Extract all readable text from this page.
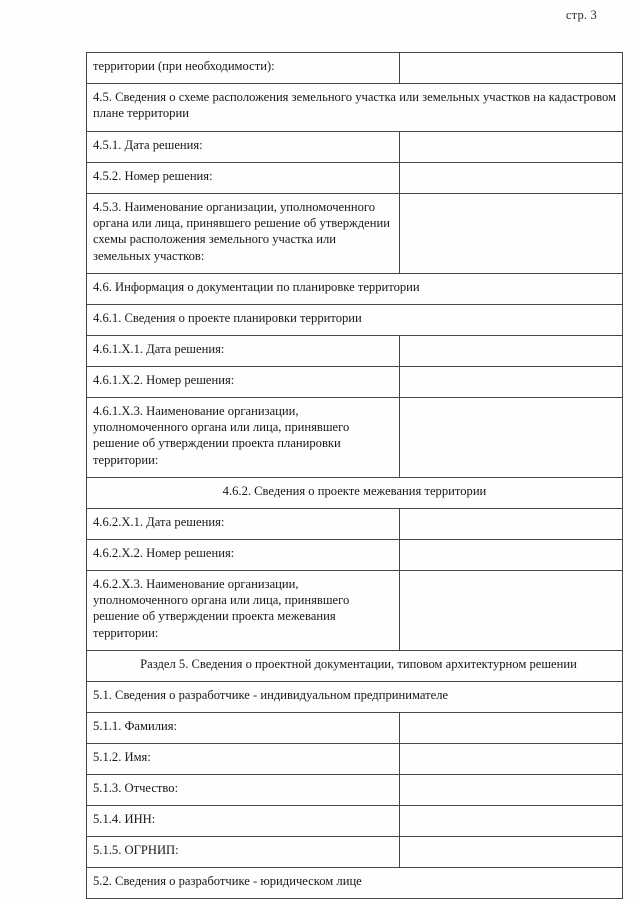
стр. 3
территории (при необходимости):	
4.5. Сведения о схеме расположения земельного участка или земельных участков на кадастровом плане территории	
4.5.1. Дата решения:	
4.5.2. Номер решения:	
4.5.3. Наименование организации, уполномоченного органа или лица, принявшего решение об утверждении схемы расположения земельного участка или земельных участков:	
4.6. Информация о документации по планировке территории	
4.6.1. Сведения о проекте планировки территории	
4.6.1.X.1. Дата решения:	
4.6.1.X.2. Номер решения:	
4.6.1.X.3. Наименование организации, уполномоченного органа или лица, принявшего решение об утверждении проекта планировки территории:	
4.6.2. Сведения о проекте межевания территории	
4.6.2.X.1. Дата решения:	
4.6.2.X.2. Номер решения:	
4.6.2.X.3. Наименование организации, уполномоченного органа или лица, принявшего решение об утверждении проекта межевания территории:	
Раздел 5. Сведения о проектной документации, типовом архитектурном решении	
5.1. Сведения о разработчике - индивидуальном предпринимателе	
5.1.1. Фамилия:	
5.1.2. Имя:	
5.1.3. Отчество:	
5.1.4. ИНН:	
5.1.5. ОГРНИП:	
5.2. Сведения о разработчике - юридическом лице	
